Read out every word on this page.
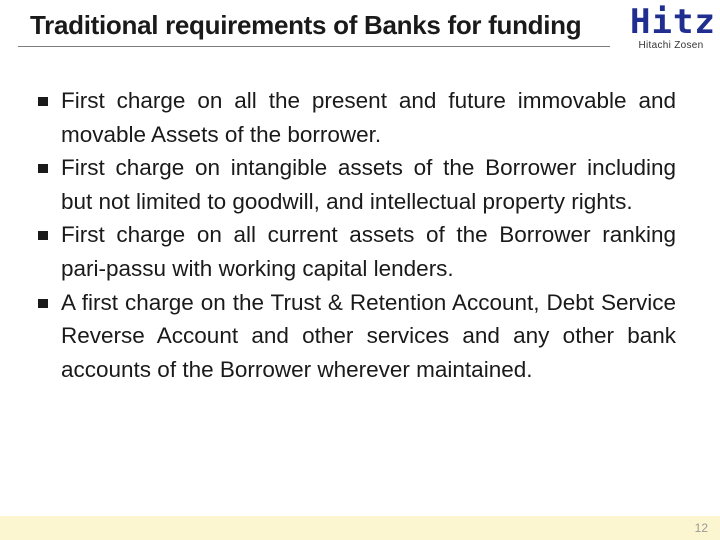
Traditional requirements of Banks for funding	Hitz
Hitachi Zosen
First charge on all the present and future immovable and movable Assets of the borrower.
First charge on intangible assets of the Borrower including but not limited to goodwill, and intellectual property rights.
First charge on all current assets of the Borrower ranking pari-passu with working capital lenders.
A first charge on the Trust & Retention Account, Debt Service Reverse Account and other services and any other bank accounts of the Borrower wherever maintained.
12
